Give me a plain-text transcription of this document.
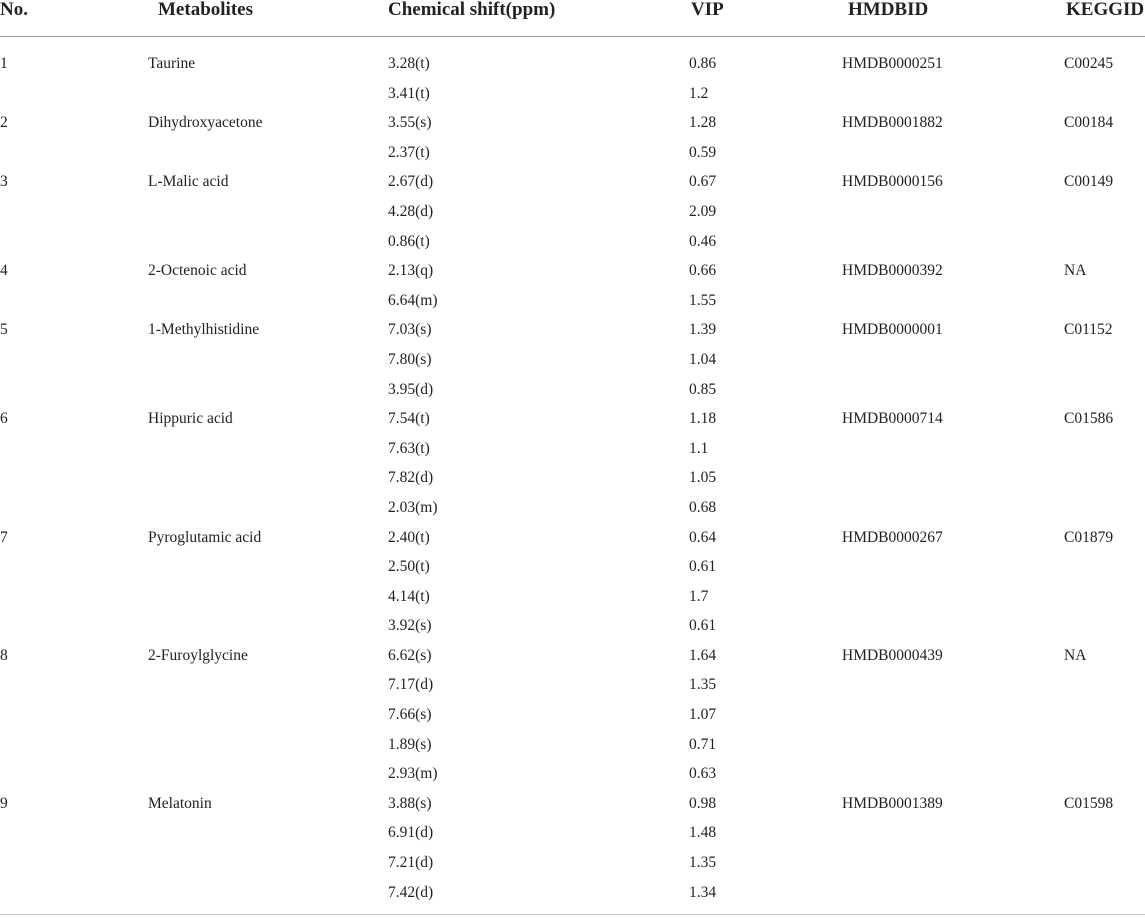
No.	Metabolites	Chemical shift(ppm)	VIP	HMDBID	KEGGID
1	Taurine	3.28(t)	0.86	HMDB0000251	C00245
3.41(t)	1.2
2	Dihydroxyacetone	3.55(s)	1.28	HMDB0001882	C00184
2.37(t)	0.59
3	L-Malic acid	2.67(d)	0.67	HMDB0000156	C00149
4.28(d)	2.09
0.86(t)	0.46
4	2-Octenoic acid	2.13(q)	0.66	HMDB0000392	NA
6.64(m)	1.55
5	1-Methylhistidine	7.03(s)	1.39	HMDB0000001	C01152
7.80(s)	1.04
3.95(d)	0.85
6	Hippuric acid	7.54(t)	1.18	HMDB0000714	C01586
7.63(t)	1.1
7.82(d)	1.05
2.03(m)	0.68
7	Pyroglutamic acid	2.40(t)	0.64	HMDB0000267	C01879
2.50(t)	0.61
4.14(t)	1.7
3.92(s)	0.61
8	2-Furoylglycine	6.62(s)	1.64	HMDB0000439	NA
7.17(d)	1.35
7.66(s)	1.07
1.89(s)	0.71
2.93(m)	0.63
9	Melatonin	3.88(s)	0.98	HMDB0001389	C01598
6.91(d)	1.48
7.21(d)	1.35
7.42(d)	1.34
